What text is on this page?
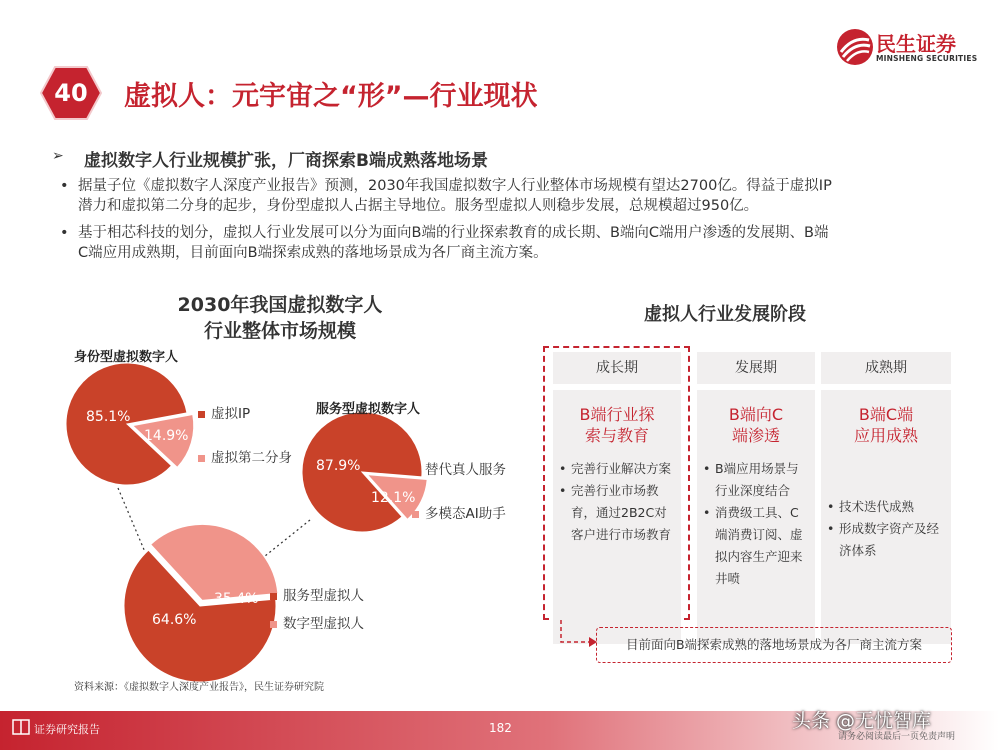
40	虚拟人：元宇宙之“形”—行业现状
民生证券
MINSHENG SECURITIES
➢ 虚拟数字人行业规模扩张，厂商探索B端成熟落地场景
• 据量子位《虚拟数字人深度产业报告》预测，2030年我国虚拟数字人行业整体市场规模有望达2700亿。得益于虚拟IP
潜力和虚拟第二分身的起步，身份型虚拟人占据主导地位。服务型虚拟人则稳步发展，总规模超过950亿。
• 基于相芯科技的划分，虚拟人行业发展可以分为面向B端的行业探索教育的成长期、B端向C端用户渗透的发展期、B端
C端应用成熟期，目前面向B端探索成熟的落地场景成为各厂商主流方案。
2030年我国虚拟数字人
行业整体市场规模
身份型虚拟数字人
85.1%
14.9%
虚拟IP
虚拟第二分身
服务型虚拟数字人
87.9%
12.1%
替代真人服务
多模态AI助手
64.6%
35.4%	服务型虚拟人
数字型虚拟人
虚拟人行业发展阶段
成长期
B端行业探
索与教育
• 完善行业解决方案
• 完善行业市场教育，通过2B2C对客户进行市场教育
发展期
B端向C
端渗透
• B端应用场景与行业深度结合
• 消费级工具、C端消费订阅、虚拟内容生产迎来井喷
成熟期
B端C端
应用成熟
• 技术迭代成熟
• 形成数字资产及经济体系
目前面向B端探索成熟的落地场景成为各厂商主流方案
资料来源：《虚拟数字人深度产业报告》，民生证券研究院
证券研究报告	182	头条 @无忧智库
请务必阅读最后一页免责声明
